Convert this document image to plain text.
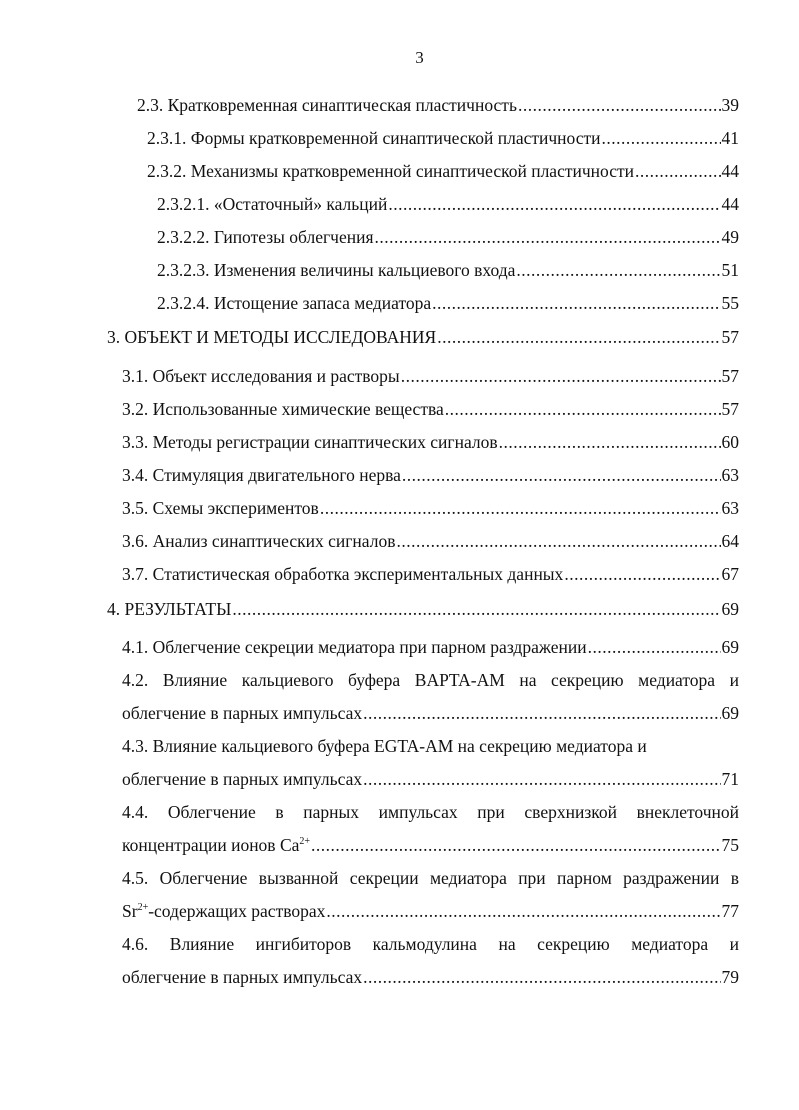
3
2.3. Кратковременная синаптическая пластичность .....	39
2.3.1. Формы кратковременной синаптической пластичности .....	41
2.3.2. Механизмы кратковременной синаптической пластичности .....	44
2.3.2.1. «Остаточный» кальций .....	44
2.3.2.2. Гипотезы облегчения .....	49
2.3.2.3. Изменения величины кальциевого входа .....	51
2.3.2.4. Истощение запаса медиатора .....	55
3. ОБЪЕКТ И МЕТОДЫ ИССЛЕДОВАНИЯ .....	57
3.1. Объект исследования и растворы .....	57
3.2. Использованные химические вещества .....	57
3.3. Методы регистрации синаптических сигналов .....	60
3.4. Стимуляция двигательного нерва .....	63
3.5. Схемы экспериментов .....	63
3.6. Анализ синаптических сигналов .....	64
3.7. Статистическая обработка экспериментальных данных .....	67
4. РЕЗУЛЬТАТЫ .....	69
4.1. Облегчение секреции медиатора при парном раздражении .....	69
4.2. Влияние кальциевого буфера BAPTA-AM на секрецию медиатора и
облегчение в парных импульсах .....	69
4.3. Влияние кальциевого буфера EGTA-AM на секрецию медиатора и
облегчение в парных импульсах .....	71
4.4. Облегчение в парных импульсах при сверхнизкой внеклеточной
концентрации ионов $Ca^{2+}$ .....	75
4.5. Облегчение вызванной секреции медиатора при парном раздражении в
$Sr^{2+}$-содержащих растворах .....	77
4.6. Влияние ингибиторов кальмодулина на секрецию медиатора и
облегчение в парных импульсах .....	79
